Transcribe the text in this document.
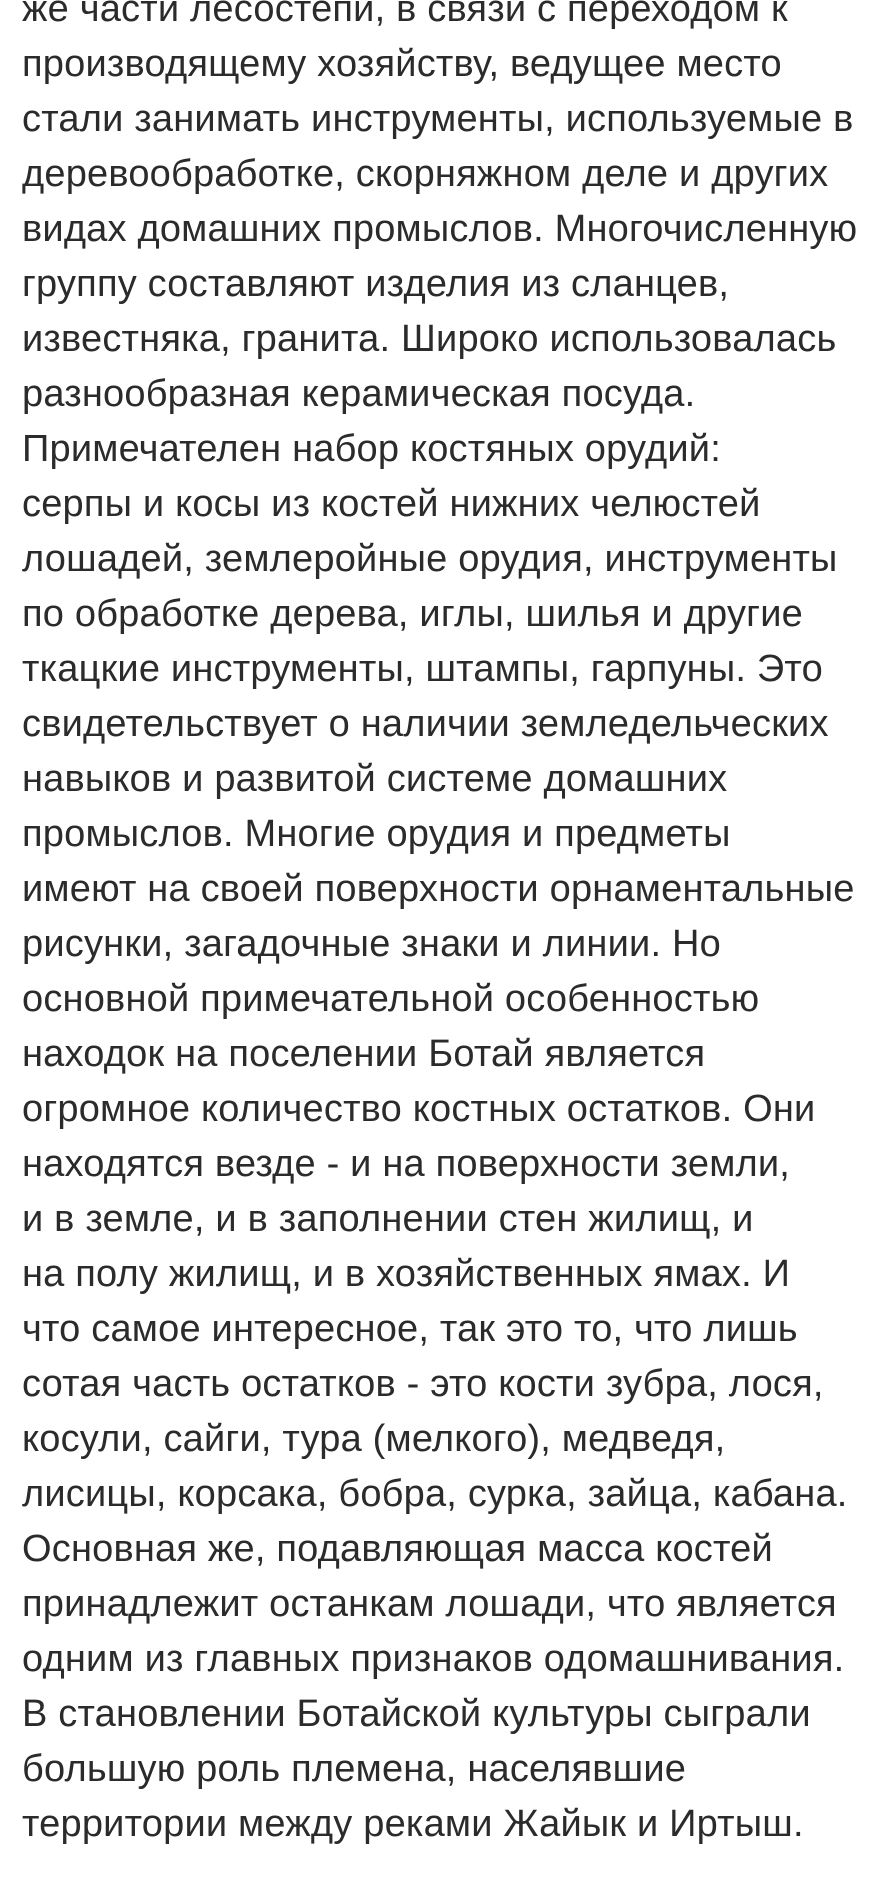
же части лесостепи, в связи с переходом к
производящему хозяйству, ведущее место
стали занимать инструменты, используемые в
деревообработке, скорняжном деле и других
видах домашних промыслов. Многочисленную
группу составляют изделия из сланцев,
известняка, гранита. Широко использовалась
разнообразная керамическая посуда.
Примечателен набор костяных орудий:
серпы и косы из костей нижних челюстей
лошадей, землеройные орудия, инструменты
по обработке дерева, иглы, шилья и другие
ткацкие инструменты, штампы, гарпуны. Это
свидетельствует о наличии земледельческих
навыков и развитой системе домашних
промыслов. Многие орудия и предметы
имеют на своей поверхности орнаментальные
рисунки, загадочные знаки и линии. Но
основной примечательной особенностью
находок на поселении Ботай является
огромное количество костных остатков. Они
находятся везде - и на поверхности земли,
и в земле, и в заполнении стен жилищ, и
на полу жилищ, и в хозяйственных ямах. И
что самое интересное, так это то, что лишь
сотая часть остатков - это кости зубра, лося,
косули, сайги, тура (мелкого), медведя,
лисицы, корсака, бобра, сурка, зайца, кабана.
Основная же, подавляющая масса костей
принадлежит останкам лошади, что является
одним из главных признаков одомашнивания.
В становлении Ботайской культуры сыграли
большую роль племена, населявшие
территории между реками Жайык и Иртыш.
